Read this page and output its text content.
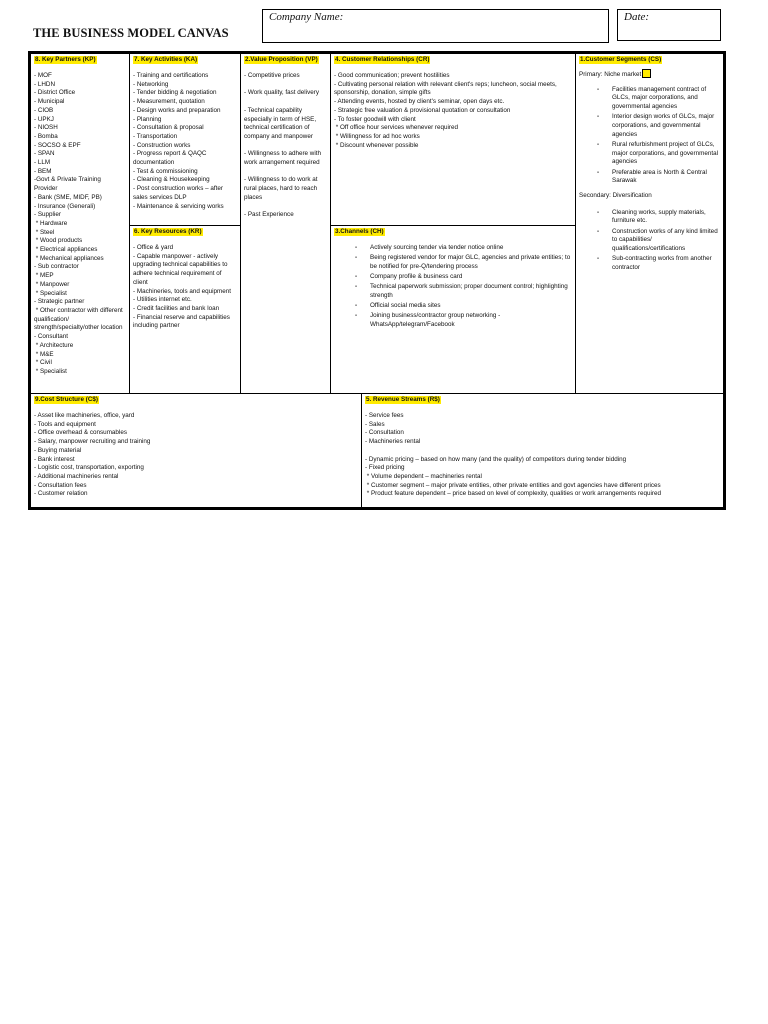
THE BUSINESS MODEL CANVAS
Company Name:	Date:
8. Key Partners (KP)
- MOF
- LHDN
- District Office
- Municipal
- CIOB
- UPKJ
- NIOSH
- Bomba
- SOCSO & EPF
- SPAN
- LLM
- BEM
-Govt & Private Training Provider
- Bank (SME, MIDF, PB)
- Insurance (Generali)
- Supplier
* Hardware
* Steel
* Wood products
* Electrical appliances
* Mechanical appliances
- Sub contractor
* MEP
* Manpower
* Specialist
- Strategic partner
* Other contractor with different qualification/ strength/specialty/other location
- Consultant
* Architecture
* M&E
* Civil
* Specialist
7. Key Activities (KA)
- Training and certifications
- Networking
- Tender bidding & negotiation
- Measurement, quotation
- Design works and preparation
- Planning
- Consultation & proposal
- Transportation
- Construction works
- Progress report & QAQC documentation
- Test & commissioning
- Cleaning & Housekeeping
- Post construction works – after sales services DLP
- Maintenance & servicing works
6. Key Resources (KR)
- Office & yard
- Capable manpower - actively upgrading technical capabilities to adhere technical requirement of client
- Machineries, tools and equipment
- Utilities internet etc.
- Credit facilities and bank loan
- Financial reserve and capabilities including partner
2.Value Proposition (VP)
- Competitive prices

- Work quality, fast delivery

- Technical capability especially in term of HSE, technical certification of company and manpower

- Willingness to adhere with work arrangement required

- Willingness to do work at rural places, hard to reach places

- Past Experience
4. Customer Relationships (CR)
- Good communication; prevent hostilities
- Cultivating personal relation with relevant client's reps; luncheon, social meets, sponsorship, donation, simple gifts
- Attending events, hosted by client's seminar, open days etc.
- Strategic free valuation & provisional quotation or consultation
- To foster goodwill with client
* Off office hour services whenever required
* Willingness for ad hoc works
* Discount whenever possible
3.Channels (CH)
- Actively sourcing tender via tender notice online
- Being registered vendor for major GLC, agencies and private entities; to be notified for pre-Q/tendering process
- Company profile & business card
- Technical paperwork submission; proper document control; highlighting strength
- Official social media sites
- Joining business/contractor group networking - WhatsApp/telegram/Facebook
1.Customer Segments (CS)
Primary: Niche market
- Facilities management contract of GLCs, major corporations, and governmental agencies
- Interior design works of GLCs, major corporations, and governmental agencies
- Rural refurbishment project of GLCs, major corporations, and governmental agencies
- Preferable area is North & Central Sarawak
Secondary: Diversification
- Cleaning works, supply materials, furniture etc.
- Construction works of any kind limited to capabilities/ qualifications/certifications
- Sub-contracting works from another contractor
9.Cost Structure (C$)
- Asset like machineries, office, yard
- Tools and equipment
- Office overhead & consumables
- Salary, manpower recruiting and training
- Buying material
- Bank interest
- Logistic cost, transportation, exporting
- Additional machineries rental
- Consultation fees
- Customer relation
5. Revenue Streams (R$)
- Service fees
- Sales
- Consultation
- Machineries rental

- Dynamic pricing – based on how many (and the quality) of competitors during tender bidding
- Fixed pricing
* Volume dependent – machineries rental
* Customer segment – major private entities, other private entities and govt agencies have different prices
* Product feature dependent – price based on level of complexity, qualities or work arrangements required
